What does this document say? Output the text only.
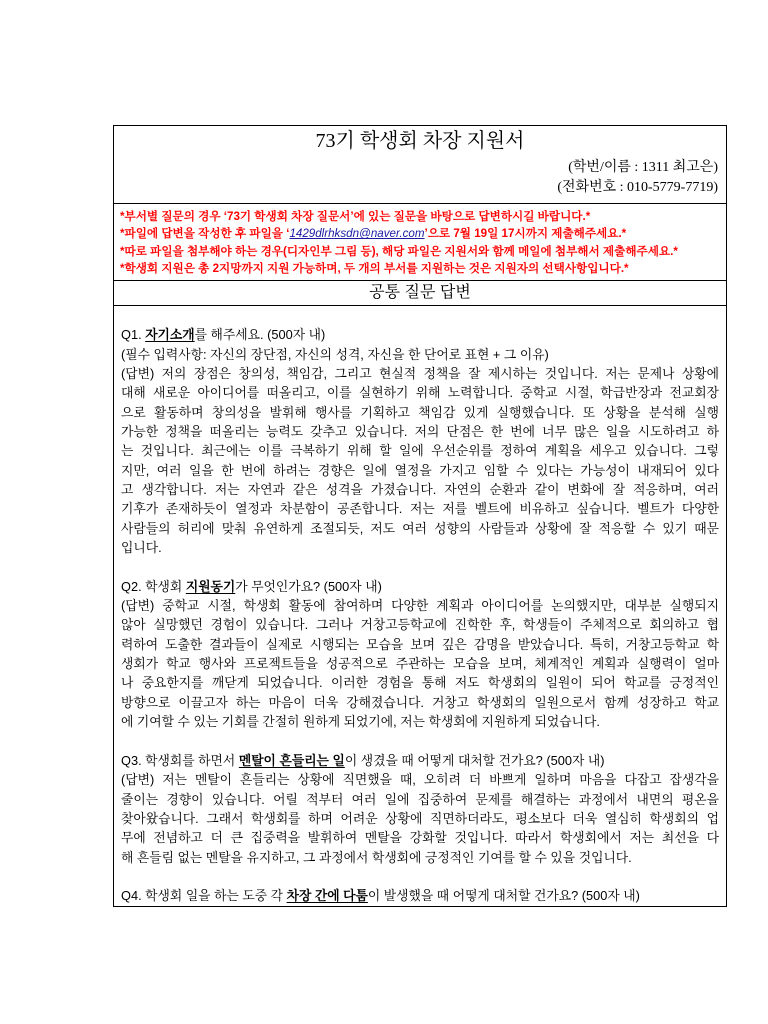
73기 학생회 차장 지원서
(학번/이름 : 1311 최고은)
(전화번호 : 010-5779-7719)
*부서별 질문의 경우 ‘73기 학생회 차장 질문서’에 있는 질문을 바탕으로 답변하시길 바랍니다.*
*파일에 답변을 작성한 후 파일을 ‘1429dlrhksdn@naver.com’으로 7월 19일 17시까지 제출해주세요.*
*따로 파일을 첨부해야 하는 경우(디자인부 그림 등), 해당 파일은 지원서와 함께 메일에 첨부해서 제출해주세요.*
*학생회 지원은 총 2지망까지 지원 가능하며, 두 개의 부서를 지원하는 것은 지원자의 선택사항입니다.*
공통 질문 답변
Q1. 자기소개를 해주세요. (500자 내)
(필수 입력사항: 자신의 장단점, 자신의 성격, 자신을 한 단어로 표현 + 그 이유)
(답변) 저의 장점은 창의성, 책임감, 그리고 현실적 정책을 잘 제시하는 것입니다. 저는 문제나 상황에
대해 새로운 아이디어를 떠올리고, 이를 실현하기 위해 노력합니다. 중학교 시절, 학급반장과 전교회장
으로 활동하며 창의성을 발휘해 행사를 기획하고 책임감 있게 실행했습니다. 또 상황을 분석해 실행
가능한 정책을 떠올리는 능력도 갖추고 있습니다. 저의 단점은 한 번에 너무 많은 일을 시도하려고 하
는 것입니다. 최근에는 이를 극복하기 위해 할 일에 우선순위를 정하여 계획을 세우고 있습니다. 그렇
지만, 여러 일을 한 번에 하려는 경향은 일에 열정을 가지고 임할 수 있다는 가능성이 내재되어 있다
고 생각합니다. 저는 자연과 같은 성격을 가졌습니다. 자연의 순환과 같이 변화에 잘 적응하며, 여러
기후가 존재하듯이 열정과 차분함이 공존합니다. 저는 저를 벨트에 비유하고 싶습니다. 벨트가 다양한
사람들의 허리에 맞춰 유연하게 조절되듯, 저도 여러 성향의 사람들과 상황에 잘 적응할 수 있기 때문
입니다.
Q2. 학생회 지원동기가 무엇인가요? (500자 내)
(답변) 중학교 시절, 학생회 활동에 참여하며 다양한 계획과 아이디어를 논의했지만, 대부분 실행되지
않아 실망했던 경험이 있습니다. 그러나 거창고등학교에 진학한 후, 학생들이 주체적으로 회의하고 협
력하여 도출한 결과들이 실제로 시행되는 모습을 보며 깊은 감명을 받았습니다. 특히, 거창고등학교 학
생회가 학교 행사와 프로젝트들을 성공적으로 주관하는 모습을 보며, 체계적인 계획과 실행력이 얼마
나 중요한지를 깨닫게 되었습니다. 이러한 경험을 통해 저도 학생회의 일원이 되어 학교를 긍정적인
방향으로 이끌고자 하는 마음이 더욱 강해졌습니다. 거창고 학생회의 일원으로서 함께 성장하고 학교
에 기여할 수 있는 기회를 간절히 원하게 되었기에, 저는 학생회에 지원하게 되었습니다.
Q3. 학생회를 하면서 멘탈이 흔들리는 일이 생겼을 때 어떻게 대처할 건가요? (500자 내)
(답변) 저는 멘탈이 흔들리는 상황에 직면했을 때, 오히려 더 바쁘게 일하며 마음을 다잡고 잡생각을
줄이는 경향이 있습니다. 어릴 적부터 여러 일에 집중하여 문제를 해결하는 과정에서 내면의 평온을
찾아왔습니다. 그래서 학생회를 하며 어려운 상황에 직면하더라도, 평소보다 더욱 열심히 학생회의 업
무에 전념하고 더 큰 집중력을 발휘하여 멘탈을 강화할 것입니다. 따라서 학생회에서 저는 최선을 다
해 흔들림 없는 멘탈을 유지하고, 그 과정에서 학생회에 긍정적인 기여를 할 수 있을 것입니다.
Q4. 학생회 일을 하는 도중 각 차장 간에 다툼이 발생했을 때 어떻게 대처할 건가요? (500자 내)
